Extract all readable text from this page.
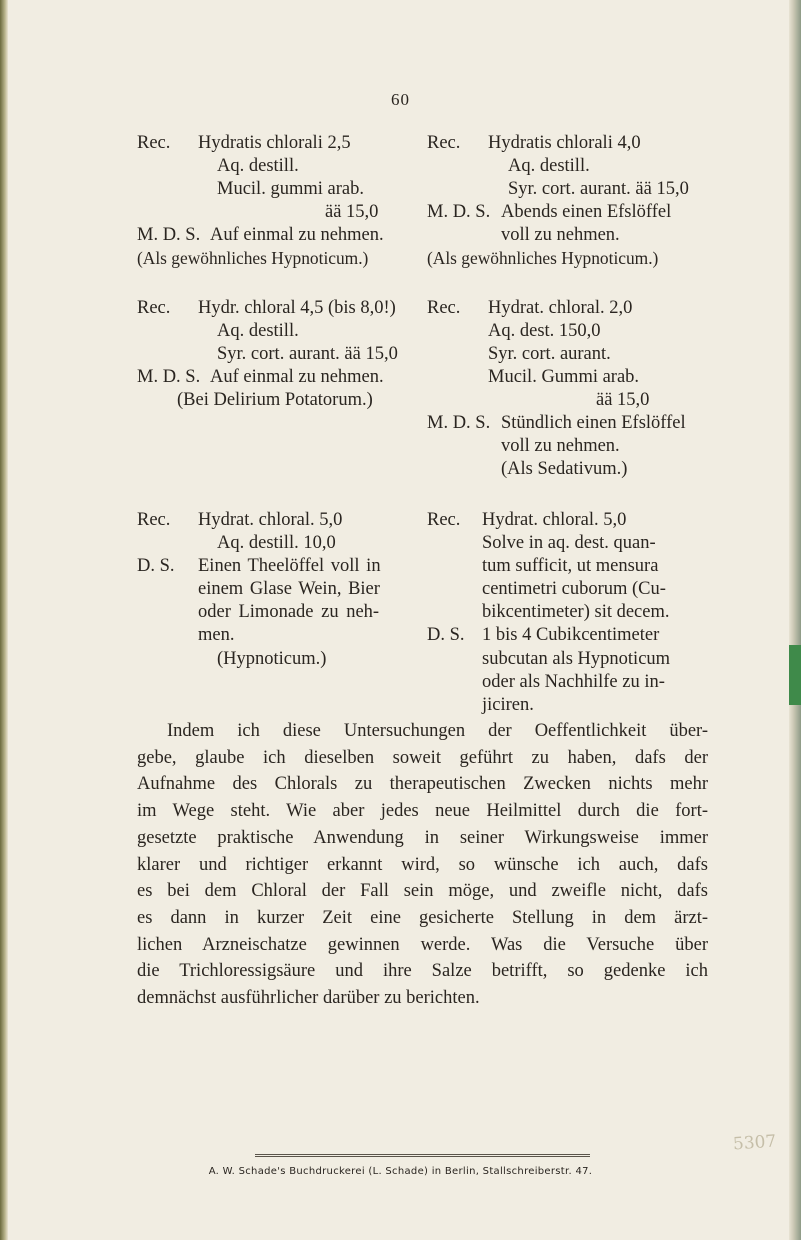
60
Rec. Hydratis chlorali 2,5
Aq. destill.
Mucil. gummi arab.
ää 15,0
M. D. S. Auf einmal zu nehmen.
(Als gewöhnliches Hypnoticum.)
Rec. Hydratis chlorali 4,0
Aq. destill.
Syr. cort. aurant. ää 15,0
M. D. S. Abends einen Efslöffel
voll zu nehmen.
(Als gewöhnliches Hypnoticum.)
Rec. Hydr. chloral 4,5 (bis 8,0!)
Aq. destill.
Syr. cort. aurant. ää 15,0
M. D. S. Auf einmal zu nehmen.
(Bei Delirium Potatorum.)
Rec. Hydrat. chloral. 2,0
Aq. dest. 150,0
Syr. cort. aurant.
Mucil. Gummi arab.
ää 15,0
M. D. S. Stündlich einen Efslöffel
voll zu nehmen.
(Als Sedativum.)
Rec. Hydrat. chloral. 5,0
Aq. destill. 10,0
D. S. Einen Theelöffel voll in
einem Glase Wein, Bier
oder Limonade zu neh-
men.
(Hypnoticum.)
Rec. Hydrat. chloral. 5,0
Solve in aq. dest. quan-
tum sufficit, ut mensura
centimetri cuborum (Cu-
bikcentimeter) sit decem.
D. S. 1 bis 4 Cubikcentimeter
subcutan als Hypnoticum
oder als Nachhilfe zu in-
jiciren.
Indem ich diese Untersuchungen der Oeffentlichkeit über-
gebe, glaube ich dieselben soweit geführt zu haben, dafs der
Aufnahme des Chlorals zu therapeutischen Zwecken nichts mehr
im Wege steht. Wie aber jedes neue Heilmittel durch die fort-
gesetzte praktische Anwendung in seiner Wirkungsweise immer
klarer und richtiger erkannt wird, so wünsche ich auch, dafs
es bei dem Chloral der Fall sein möge, und zweifle nicht, dafs
es dann in kurzer Zeit eine gesicherte Stellung in dem ärzt-
lichen Arzneischatze gewinnen werde. Was die Versuche über
die Trichloressigsäure und ihre Salze betrifft, so gedenke ich
demnächst ausführlicher darüber zu berichten.
A. W. Schade's Buchdruckerei (L. Schade) in Berlin, Stallschreiberstr. 47.
5307
